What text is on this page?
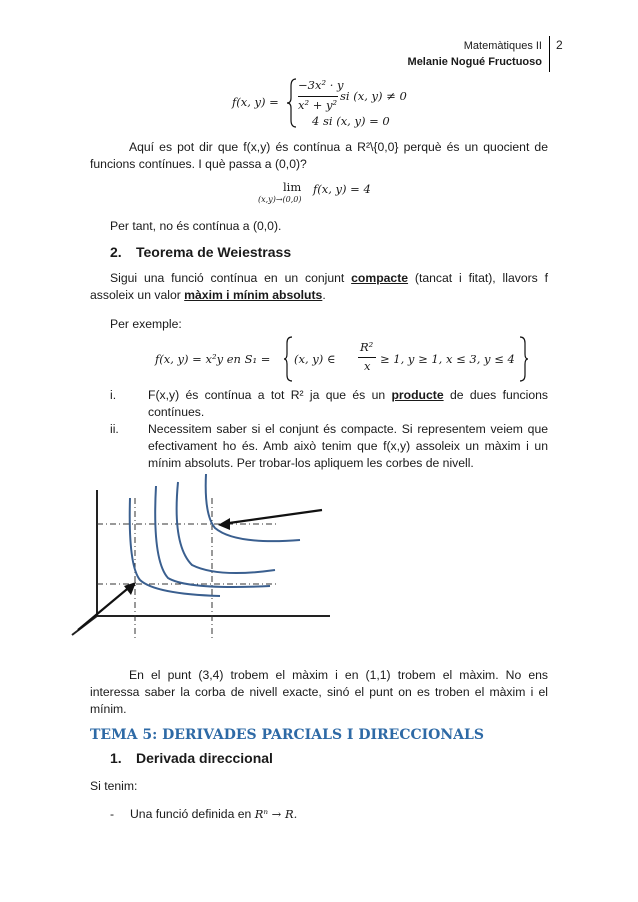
Matemàtiques II
Melanie Nogué Fructuoso
2
f(x, y) =
−3x² · y
x² + y²
si (x, y) ≠ 0
4 si (x, y) = 0
Aquí es pot dir que f(x,y) és contínua a R²\{0,0} perquè és un quocient de funcions contínues. I què passa a (0,0)?
lim
(x,y)→(0,0)
f(x, y) = 4
Per tant, no és contínua a (0,0).
2. Teorema de Weiestrass
Sigui una funció contínua en un conjunt compacte (tancat i fitat), llavors f assoleix un valor màxim i mínim absoluts.
Per exemple:
f(x, y) = x²y en S₁ = (x, y) ∈
R²
x ≥ 1, y ≥ 1, x ≤ 3, y ≤ 4
i.	F(x,y) és contínua a tot R² ja que és un producte de dues funcions contínues.
ii. Necessitem saber si el conjunt és compacte. Si representem veiem que efectivament ho és. Amb això tenim que f(x,y) assoleix un màxim i un mínim absoluts. Per trobar-los apliquem les corbes de nivell.
En el punt (3,4) trobem el màxim i en (1,1) trobem el màxim. No ens interessa saber la corba de nivell exacte, sinó el punt on es troben el màxim i el mínim.
TEMA 5: DERIVADES PARCIALS I DIRECCIONALS
1. Derivada direccional
Si tenim:
- Una funció definida en Rⁿ → R.
